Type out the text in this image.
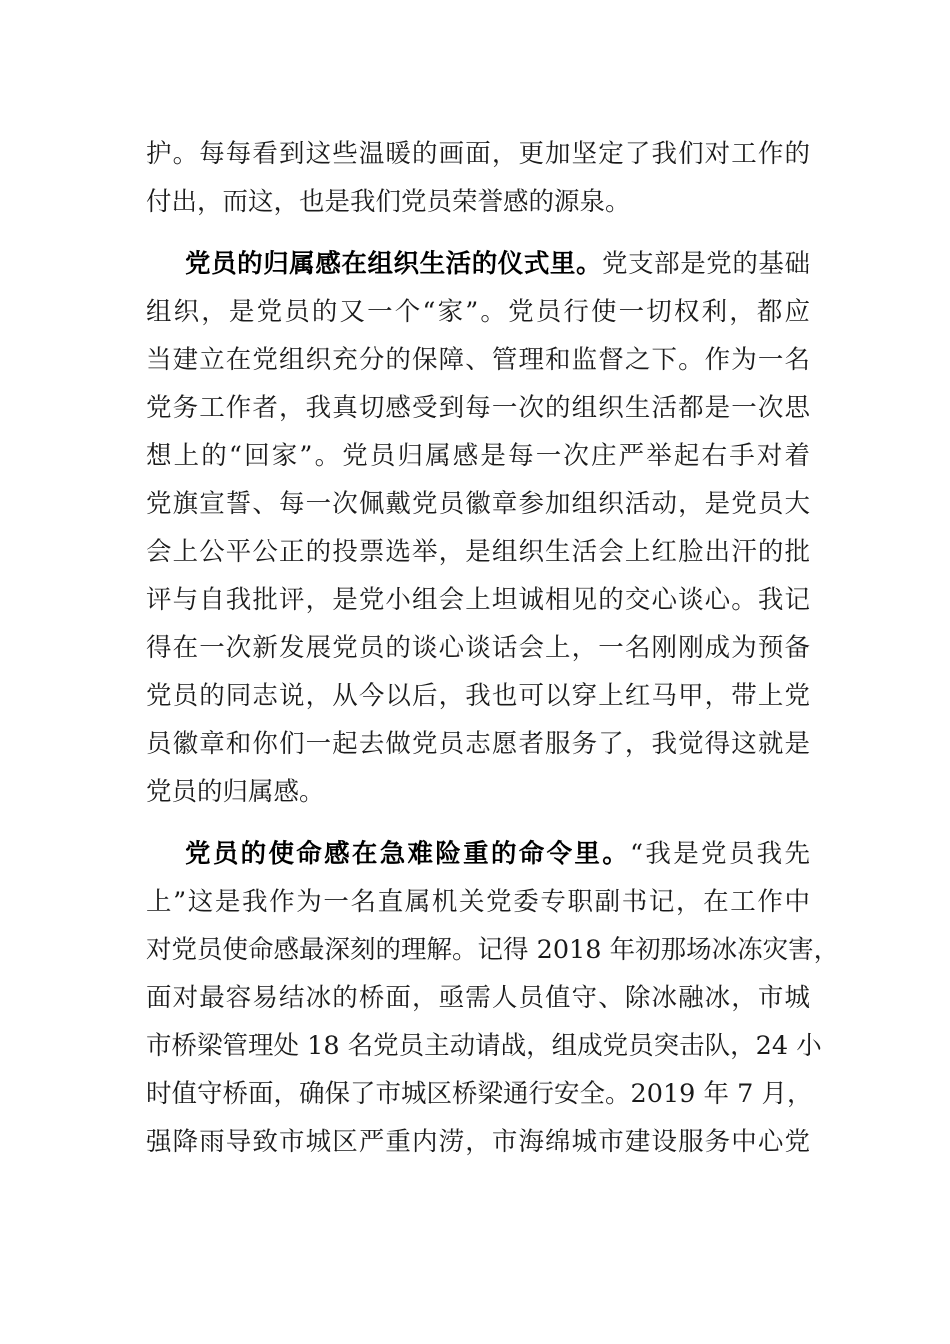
护。每每看到这些温暖的画面，更加坚定了我们对工作的
付出，而这，也是我们党员荣誉感的源泉。
党员的归属感在组织生活的仪式里。党支部是党的基础
组织，是党员的又一个“家”。党员行使一切权利，都应
当建立在党组织充分的保障、管理和监督之下。作为一名
党务工作者，我真切感受到每一次的组织生活都是一次思
想上的“回家”。党员归属感是每一次庄严举起右手对着
党旗宣誓、每一次佩戴党员徽章参加组织活动，是党员大
会上公平公正的投票选举，是组织生活会上红脸出汗的批
评与自我批评，是党小组会上坦诚相见的交心谈心。我记
得在一次新发展党员的谈心谈话会上，一名刚刚成为预备
党员的同志说，从今以后，我也可以穿上红马甲，带上党
员徽章和你们一起去做党员志愿者服务了，我觉得这就是
党员的归属感。
党员的使命感在急难险重的命令里。“我是党员我先
上”这是我作为一名直属机关党委专职副书记，在工作中
对党员使命感最深刻的理解。记得 2018 年初那场冰冻灾害，
面对最容易结冰的桥面，亟需人员值守、除冰融冰，市城
市桥梁管理处 18 名党员主动请战，组成党员突击队，24 小
时值守桥面，确保了市城区桥梁通行安全。2019 年 7 月，
强降雨导致市城区严重内涝，市海绵城市建设服务中心党
